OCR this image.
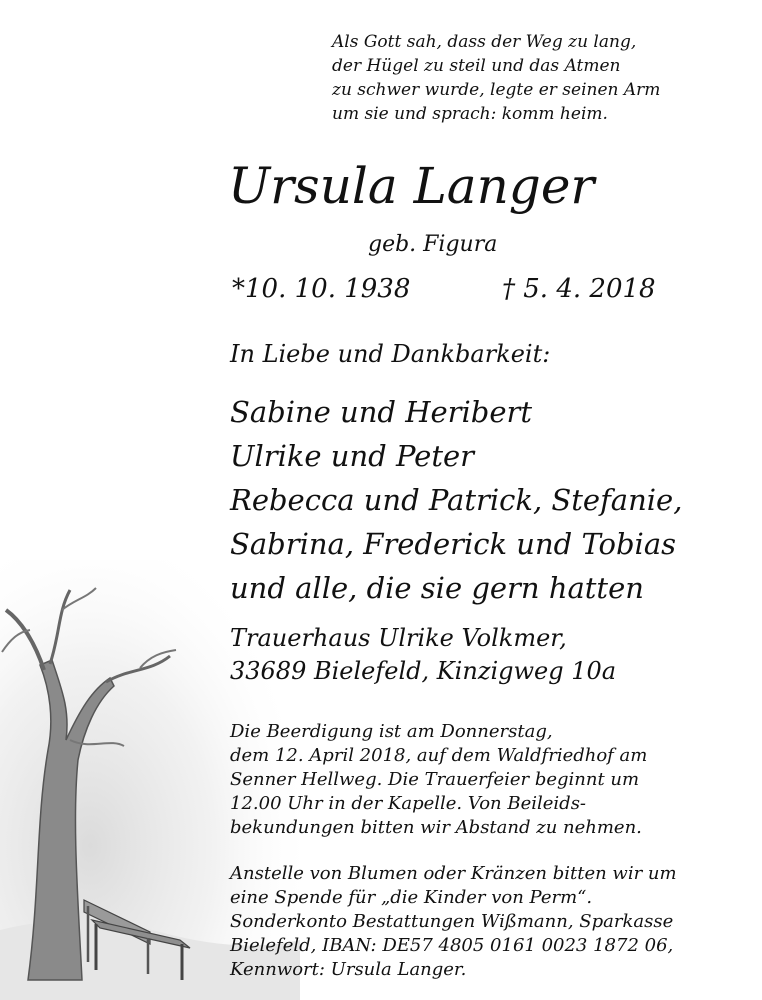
Als Gott sah, dass der Weg zu lang,
der Hügel zu steil und das Atmen
zu schwer wurde, legte er seinen Arm
um sie und sprach: komm heim.
Ursula Langer
geb. Figura
*10. 10. 1938	† 5. 4. 2018
In Liebe und Dankbarkeit:
Sabine und Heribert
Ulrike und Peter
Rebecca und Patrick, Stefanie,
Sabrina, Frederick und Tobias
und alle, die sie gern hatten
Trauerhaus Ulrike Volkmer,
33689 Bielefeld, Kinzigweg 10a
Die Beerdigung ist am Donnerstag,
dem 12. April 2018, auf dem Waldfriedhof am
Senner Hellweg. Die Trauerfeier beginnt um
12.00 Uhr in der Kapelle. Von Beileids-
bekundungen bitten wir Abstand zu nehmen.
Anstelle von Blumen oder Kränzen bitten wir um
eine Spende für „die Kinder von Perm“.
Sonderkonto Bestattungen Wißmann, Sparkasse
Bielefeld, IBAN: DE57 4805 0161 0023 1872 06,
Kennwort: Ursula Langer.
